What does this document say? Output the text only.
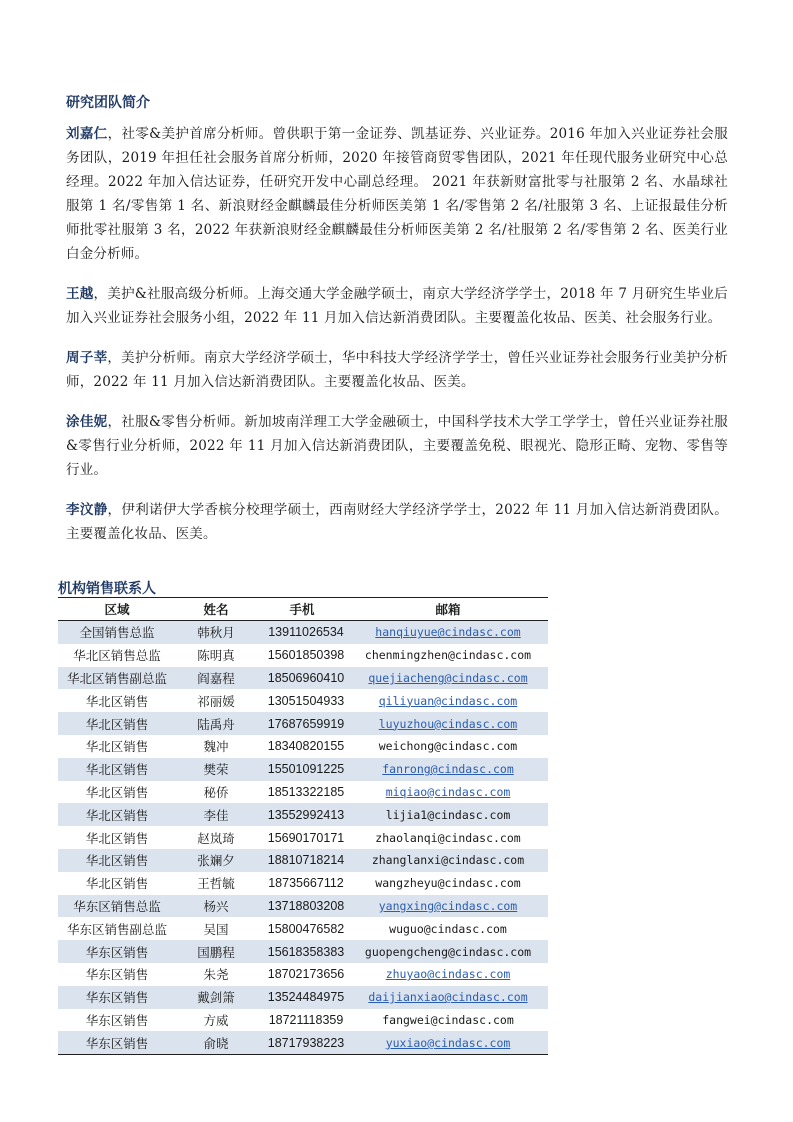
研究团队简介

刘嘉仁，社零&美护首席分析师。曾供职于第一金证券、凯基证券、兴业证券。2016 年加入兴业证券社会服务团队，2019 年担任社会服务首席分析师，2020 年接管商贸零售团队，2021 年任现代服务业研究中心总经理。2022 年加入信达证券，任研究开发中心副总经理。 2021 年获新财富批零与社服第 2 名、水晶球社服第 1 名/零售第 1 名、新浪财经金麒麟最佳分析师医美第 1 名/零售第 2 名/社服第 3 名、上证报最佳分析师批零社服第 3 名，2022 年获新浪财经金麒麟最佳分析师医美第 2 名/社服第 2 名/零售第 2 名、医美行业白金分析师。

王越，美护&社服高级分析师。上海交通大学金融学硕士，南京大学经济学学士，2018 年 7 月研究生毕业后加入兴业证券社会服务小组，2022 年 11 月加入信达新消费团队。主要覆盖化妆品、医美、社会服务行业。

周子莘，美护分析师。南京大学经济学硕士，华中科技大学经济学学士，曾任兴业证券社会服务行业美护分析师，2022 年 11 月加入信达新消费团队。主要覆盖化妆品、医美。

涂佳妮，社服&零售分析师。新加坡南洋理工大学金融硕士，中国科学技术大学工学学士，曾任兴业证券社服&零售行业分析师，2022 年 11 月加入信达新消费团队，主要覆盖免税、眼视光、隐形正畸、宠物、零售等行业。

李汶静，伊利诺伊大学香槟分校理学硕士，西南财经大学经济学学士，2022 年 11 月加入信达新消费团队。主要覆盖化妆品、医美。

机构销售联系人
区域	姓名	手机	邮箱
全国销售总监	韩秋月	13911026534	hanqiuyue@cindasc.com
华北区销售总监	陈明真	15601850398	chenmingzhen@cindasc.com
华北区销售副总监	阎嘉程	18506960410	quejiacheng@cindasc.com
华北区销售	祁丽媛	13051504933	qiliyuan@cindasc.com
华北区销售	陆禹舟	17687659919	luyuzhou@cindasc.com
华北区销售	魏冲	18340820155	weichong@cindasc.com
华北区销售	樊荣	15501091225	fanrong@cindasc.com
华北区销售	秘侨	18513322185	miqiao@cindasc.com
华北区销售	李佳	13552992413	lijia1@cindasc.com
华北区销售	赵岚琦	15690170171	zhaolanqi@cindasc.com
华北区销售	张斓夕	18810718214	zhanglanxi@cindasc.com
华北区销售	王哲毓	18735667112	wangzheyu@cindasc.com
华东区销售总监	杨兴	13718803208	yangxing@cindasc.com
华东区销售副总监	吴国	15800476582	wuguo@cindasc.com
华东区销售	国鹏程	15618358383	guopengcheng@cindasc.com
华东区销售	朱尧	18702173656	zhuyao@cindasc.com
华东区销售	戴剑箫	13524484975	daijianxiao@cindasc.com
华东区销售	方威	18721118359	fangwei@cindasc.com
华东区销售	俞晓	18717938223	yuxiao@cindasc.com
